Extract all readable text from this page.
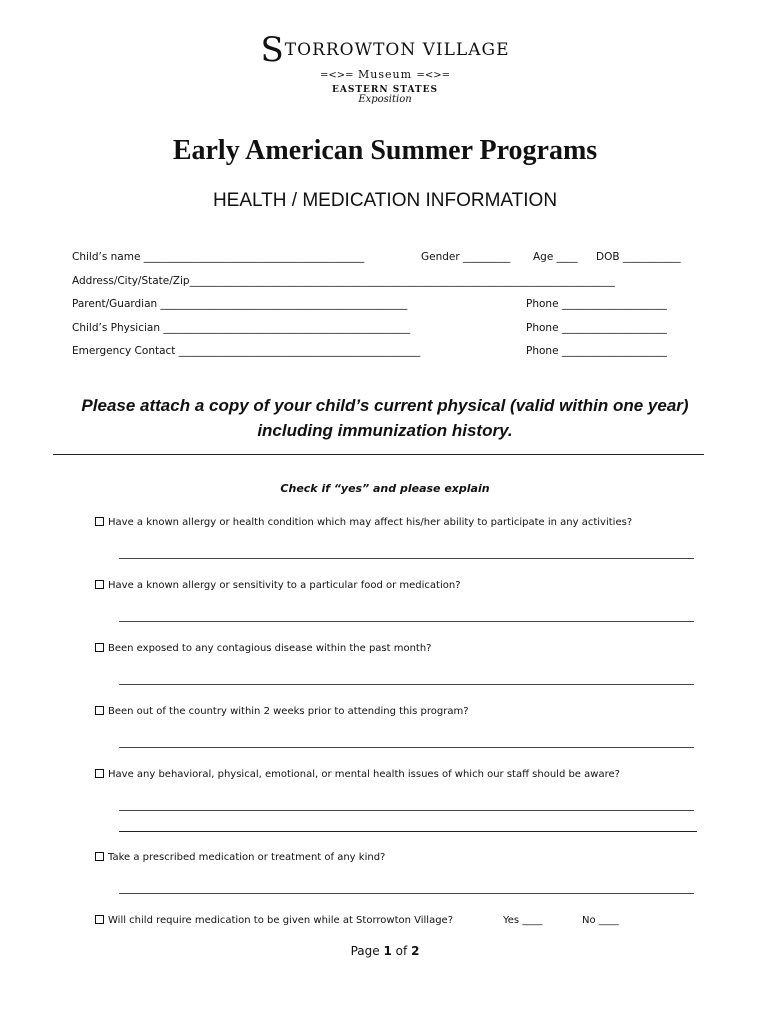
STORROWTON VILLAGE
=<>= Museum =<>=
EASTERN STATES
Exposition
Early American Summer Programs
HEALTH / MEDICATION INFORMATION
Child’s name __________________________________________	Gender _________ Age ____ DOB ___________
Address/City/State/Zip_________________________________________________________________________________
Parent/Guardian _______________________________________________	Phone ____________________
Child’s Physician _______________________________________________	Phone ____________________
Emergency Contact ______________________________________________	Phone ____________________
Please attach a copy of your child’s current physical (valid within one year)
including immunization history.
Check if “yes” and please explain
Have a known allergy or health condition which may affect his/her ability to participate in any activities?
Have a known allergy or sensitivity to a particular food or medication?
Been exposed to any contagious disease within the past month?
Been out of the country within 2 weeks prior to attending this program?
Have any behavioral, physical, emotional, or mental health issues of which our staff should be aware?
Take a prescribed medication or treatment of any kind?
Will child require medication to be given while at Storrowton Village?	Yes ____	No ____
Page 1 of 2
